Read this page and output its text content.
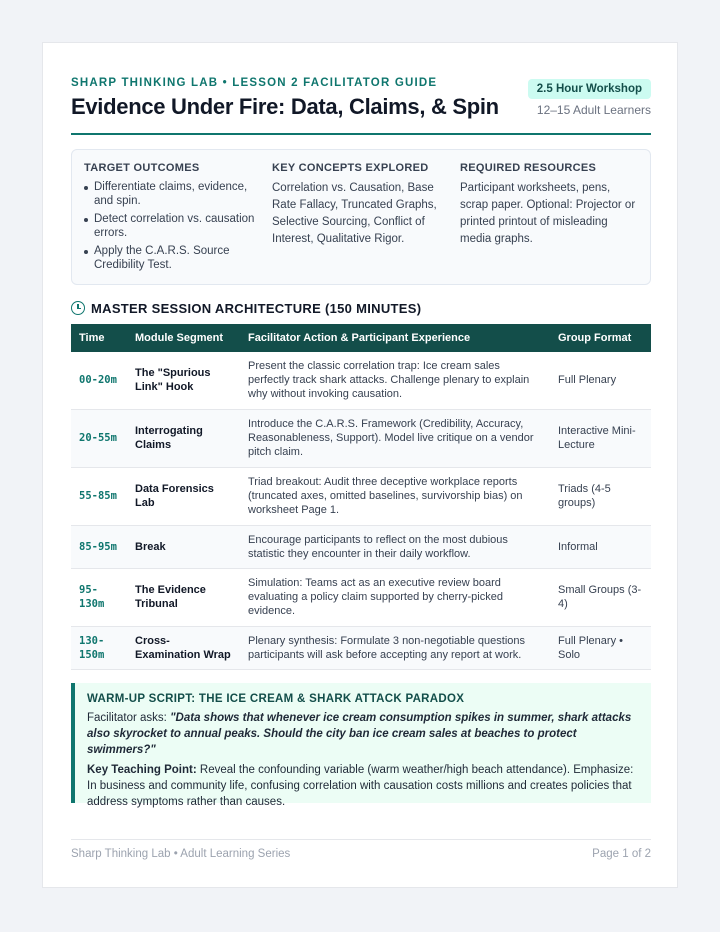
SHARP THINKING LAB • LESSON 2 FACILITATOR GUIDE
Evidence Under Fire: Data, Claims, & Spin
2.5 Hour Workshop
12–15 Adult Learners
TARGET OUTCOMES
Differentiate claims, evidence, and spin.
Detect correlation vs. causation errors.
Apply the C.A.R.S. Source Credibility Test.
KEY CONCEPTS EXPLORED

Correlation vs. Causation, Base Rate Fallacy, Truncated Graphs, Selective Sourcing, Conflict of Interest, Qualitative Rigor.

REQUIRED RESOURCES

Participant worksheets, pens, scrap paper. Optional: Projector or printed printout of misleading media graphs.

MASTER SESSION ARCHITECTURE (150 MINUTES)
Time	Module Segment	Facilitator Action & Participant Experience	Group Format
00-20m	The "Spurious Link" Hook	Present the classic correlation trap: Ice cream sales perfectly track shark attacks. Challenge plenary to explain why without invoking causation.	Full Plenary
20-55m	Interrogating Claims	Introduce the C.A.R.S. Framework (Credibility, Accuracy, Reasonableness, Support). Model live critique on a vendor pitch claim.	Interactive Mini-Lecture
55-85m	Data Forensics Lab	Triad breakout: Audit three deceptive workplace reports (truncated axes, omitted baselines, survivorship bias) on worksheet Page 1.	Triads (4-5 groups)
85-95m	Break	Encourage participants to reflect on the most dubious statistic they encounter in their daily workflow.	Informal
95-130m	The Evidence Tribunal	Simulation: Teams act as an executive review board evaluating a policy claim supported by cherry-picked evidence.	Small Groups (3-4)
130-150m	Cross-Examination Wrap	Plenary synthesis: Formulate 3 non-negotiable questions participants will ask before accepting any report at work.	Full Plenary • Solo
WARM-UP SCRIPT: THE ICE CREAM & SHARK ATTACK PARADOX

Facilitator asks: "Data shows that whenever ice cream consumption spikes in summer, shark attacks also skyrocket to annual peaks. Should the city ban ice cream sales at beaches to protect swimmers?"

Key Teaching Point: Reveal the confounding variable (warm weather/high beach attendance). Emphasize: In business and community life, confusing correlation with causation costs millions and creates policies that address symptoms rather than causes.

Sharp Thinking Lab • Adult Learning Series	Page 1 of 2
